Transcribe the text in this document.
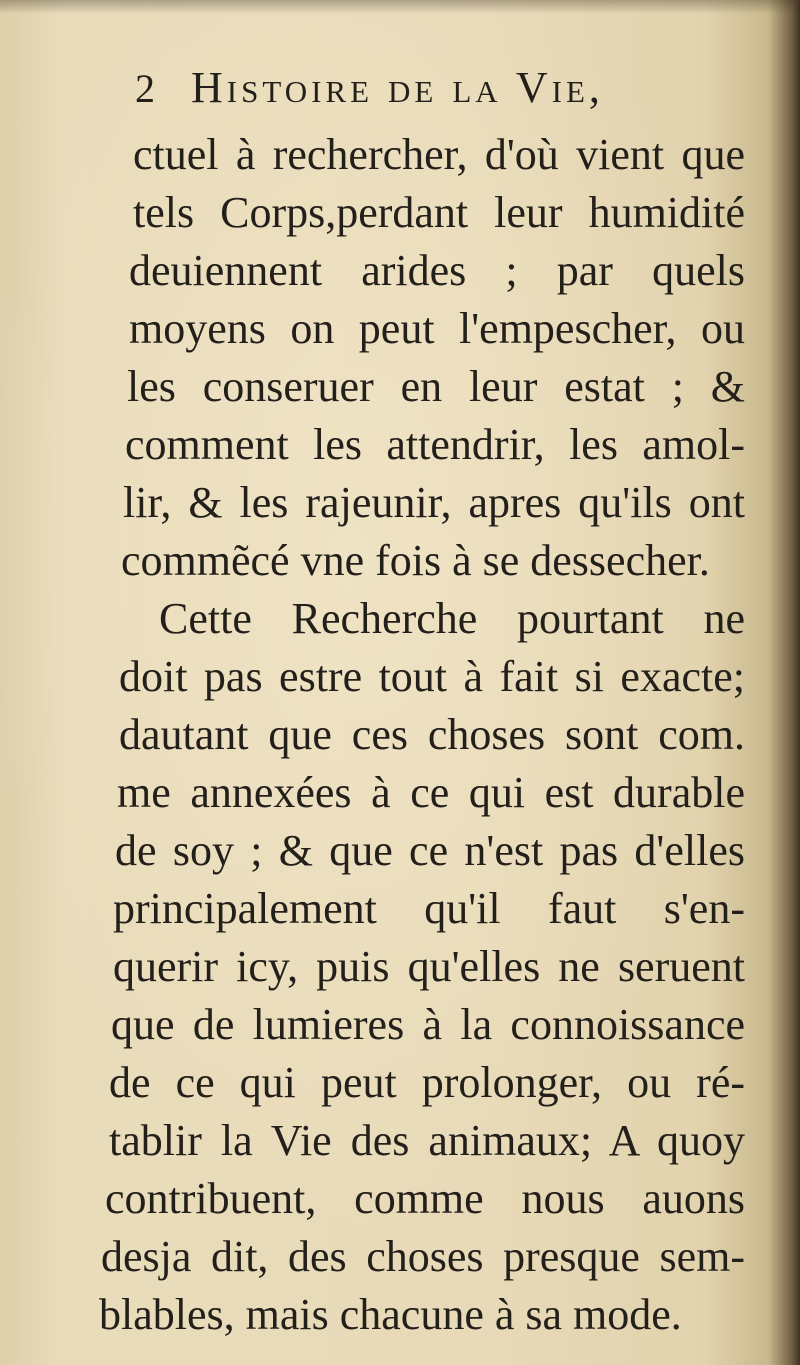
2 Histoire de la Vie,
ctuel à rechercher, d'où vient que
tels Corps,perdant leur humidité
deuiennent arides ; par quels
moyens on peut l'empescher, ou
les conseruer en leur estat ; &
comment les attendrir, les amol-
lir, & les rajeunir, apres qu'ils ont
commẽcé vne fois à se dessecher.
Cette Recherche pourtant ne
doit pas estre tout à fait si exacte;
dautant que ces choses sont com.
me annexées à ce qui est durable
de soy ; & que ce n'est pas d'elles
principalement qu'il faut s'en-
querir icy, puis qu'elles ne seruent
que de lumieres à la connoissance
de ce qui peut prolonger, ou ré-
tablir la Vie des animaux; A quoy
contribuent, comme nous auons
desja dit, des choses presque sem-
blables, mais chacune à sa mode.
